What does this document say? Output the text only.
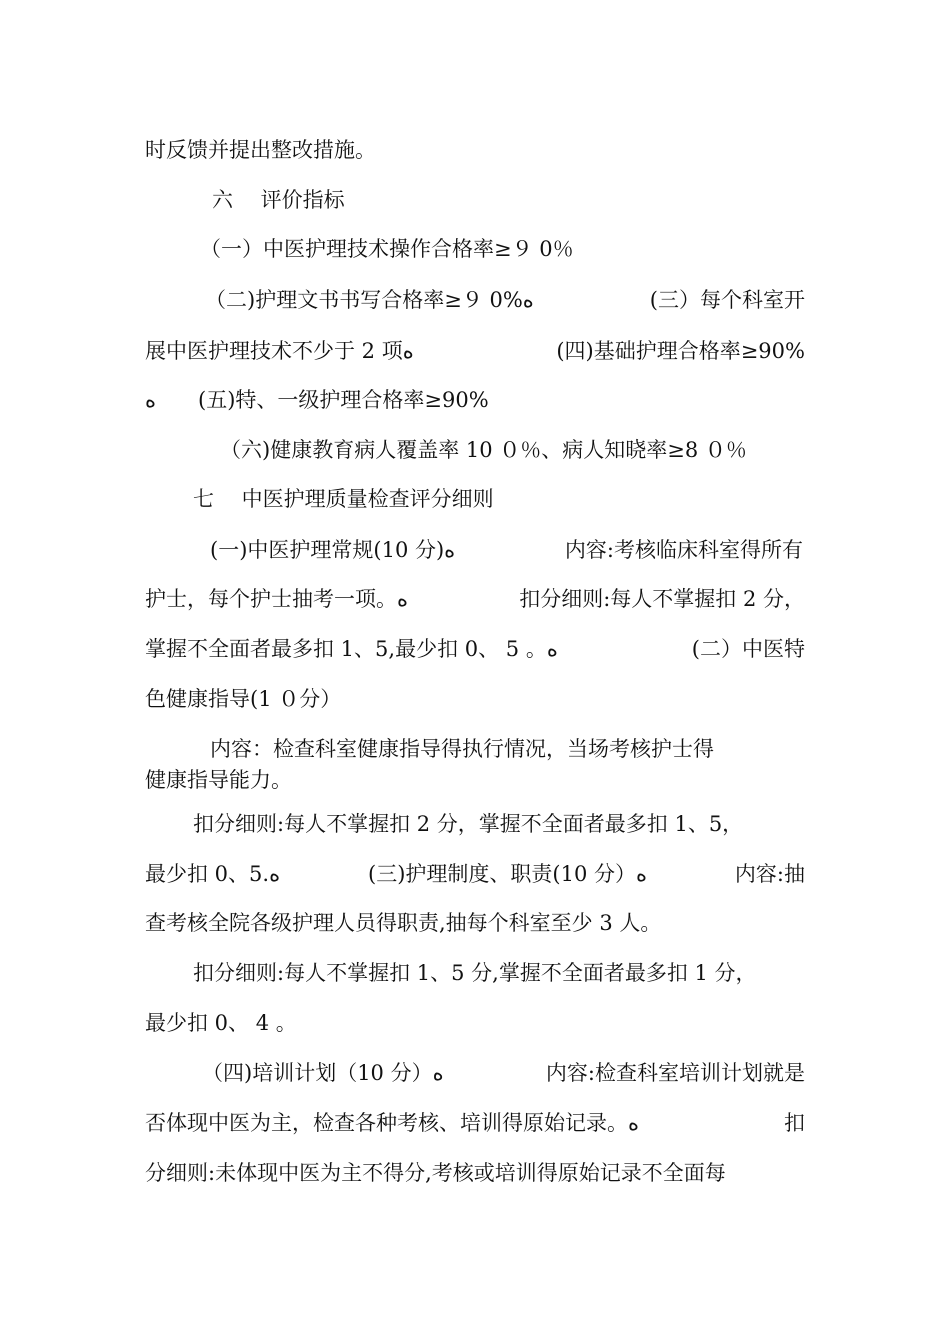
时反馈并提出整改措施。
六　 评价指标
（一）中医护理技术操作合格率≥９ 0％
（二)护理文书书写合格率≥９ 0%ﻩ	(三）每个科室开
展中医护理技术不少于 2 项ﻩ	(四)基础护理合格率≥90%
ﻩ　　(五)特、一级护理合格率≥90%
（六)健康教育病人覆盖率 10 ０％、病人知晓率≥8 ０％
七　 中医护理质量检查评分细则
(一)中医护理常规(10 分)ﻩ	内容:考核临床科室得所有
护士，每个护士抽考一项。ﻩ	扣分细则:每人不掌握扣 2 分，
掌握不全面者最多扣 1、5,最少扣 0、 5 。ﻩ	(二）中医特
色健康指导(1 ０分）
内容：检查科室健康指导得执行情况，当场考核护士得
健康指导能力。
扣分细则:每人不掌握扣 2 分，掌握不全面者最多扣 1、5，
最少扣 0、5.ﻩ	(三)护理制度、职责(10 分）ﻩ	内容:抽
查考核全院各级护理人员得职责,抽每个科室至少 3 人。
扣分细则:每人不掌握扣 1、5 分,掌握不全面者最多扣 1 分，
最少扣 0、 4 。
（四)培训计划（10 分）ﻩ	内容:检查科室培训计划就是
否体现中医为主，检查各种考核、培训得原始记录。ﻩ	扣
分细则:未体现中医为主不得分,考核或培训得原始记录不全面每
